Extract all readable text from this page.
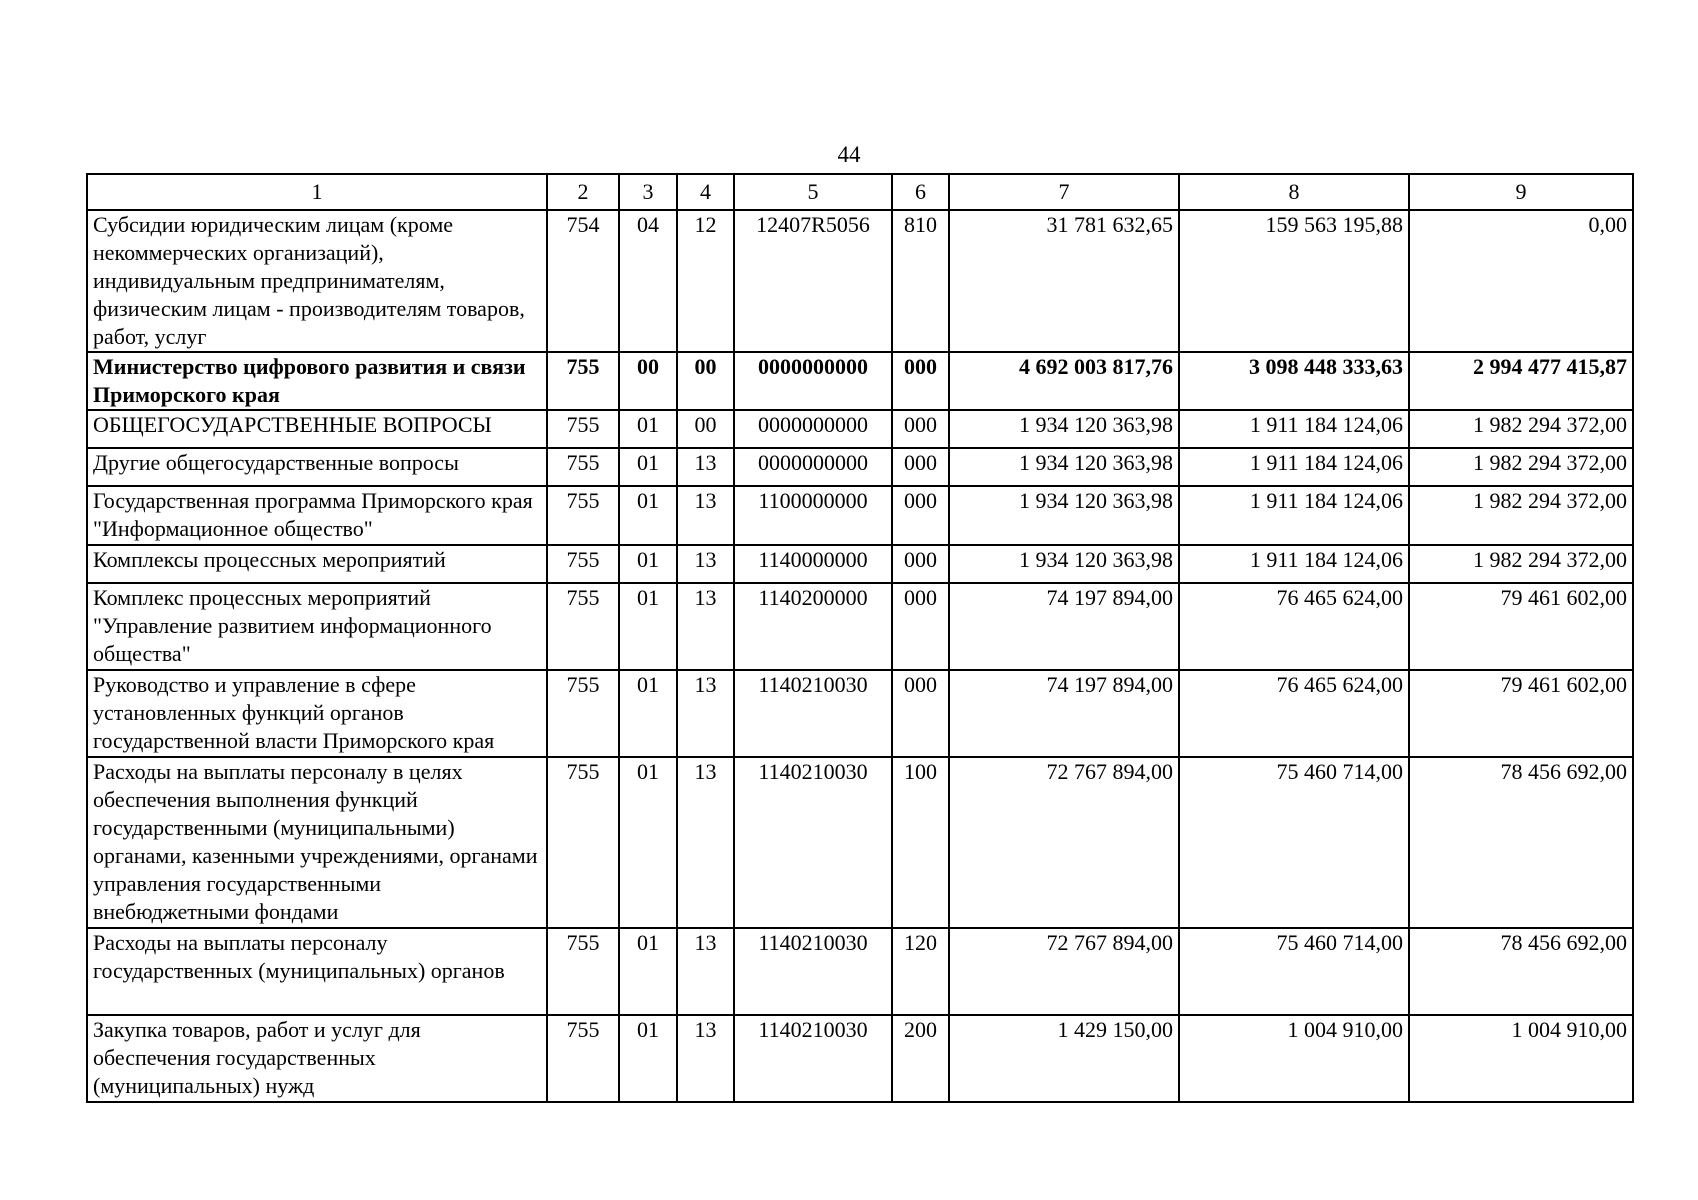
44
1	2	3	4	5	6	7	8	9
Субсидии юридическим лицам (кроме некоммерческих организаций), индивидуальным предпринимателям, физическим лицам - производителям товаров, работ, услуг	754	04	12	12407R5056	810	31 781 632,65	159 563 195,88	0,00
Министерство цифрового развития и связи Приморского края	755	00	00	0000000000	000	4 692 003 817,76	3 098 448 333,63	2 994 477 415,87
ОБЩЕГОСУДАРСТВЕННЫЕ ВОПРОСЫ	755	01	00	0000000000	000	1 934 120 363,98	1 911 184 124,06	1 982 294 372,00
Другие общегосударственные вопросы	755	01	13	0000000000	000	1 934 120 363,98	1 911 184 124,06	1 982 294 372,00
Государственная программа Приморского края "Информационное общество"	755	01	13	1100000000	000	1 934 120 363,98	1 911 184 124,06	1 982 294 372,00
Комплексы процессных мероприятий	755	01	13	1140000000	000	1 934 120 363,98	1 911 184 124,06	1 982 294 372,00
Комплекс процессных мероприятий "Управление развитием информационного общества"	755	01	13	1140200000	000	74 197 894,00	76 465 624,00	79 461 602,00
Руководство и управление в сфере установленных функций органов государственной власти Приморского края	755	01	13	1140210030	000	74 197 894,00	76 465 624,00	79 461 602,00
Расходы на выплаты персоналу в целях обеспечения выполнения функций государственными (муниципальными) органами, казенными учреждениями, органами управления государственными внебюджетными фондами	755	01	13	1140210030	100	72 767 894,00	75 460 714,00	78 456 692,00
Расходы на выплаты персоналу государственных (муниципальных) органов	755	01	13	1140210030	120	72 767 894,00	75 460 714,00	78 456 692,00
Закупка товаров, работ и услуг для обеспечения государственных (муниципальных) нужд	755	01	13	1140210030	200	1 429 150,00	1 004 910,00	1 004 910,00
